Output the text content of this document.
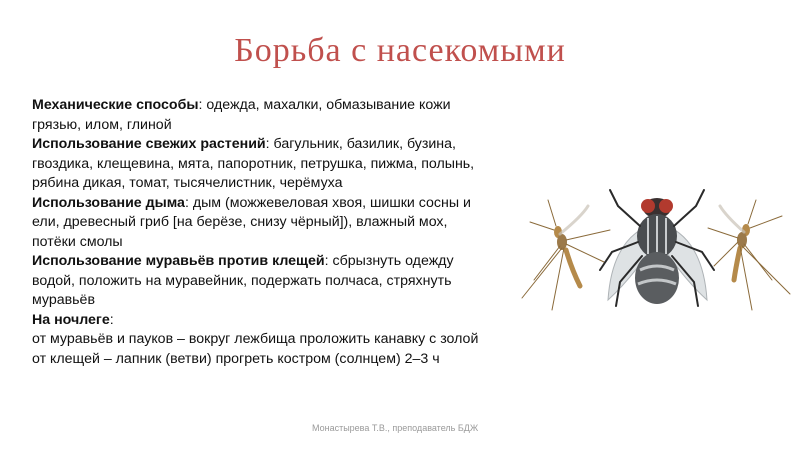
Борьба с насекомыми

Механические способы: одежда, махалки, обмазывание кожи грязью, илом, глиной

Использование свежих растений: багульник, базилик, бузина, гвоздика, клещевина, мята, папоротник, петрушка, пижма, полынь, рябина дикая, томат, тысячелистник, черёмуха

Использование дыма: дым (можжевеловая хвоя, шишки сосны и ели, древесный гриб [на берёзе, снизу чёрный]), влажный мох, потёки смолы

Использование муравьёв против клещей: сбрызнуть одежду водой, положить на муравейник, подержать полчаса, стряхнуть муравьёв

На ночлеге:

от муравьёв и пауков – вокруг лежбища проложить канавку с золой

от клещей – лапник (ветви) прогреть костром (солнцем) 2–3 ч

Монастырева Т.В., преподаватель БДЖ
